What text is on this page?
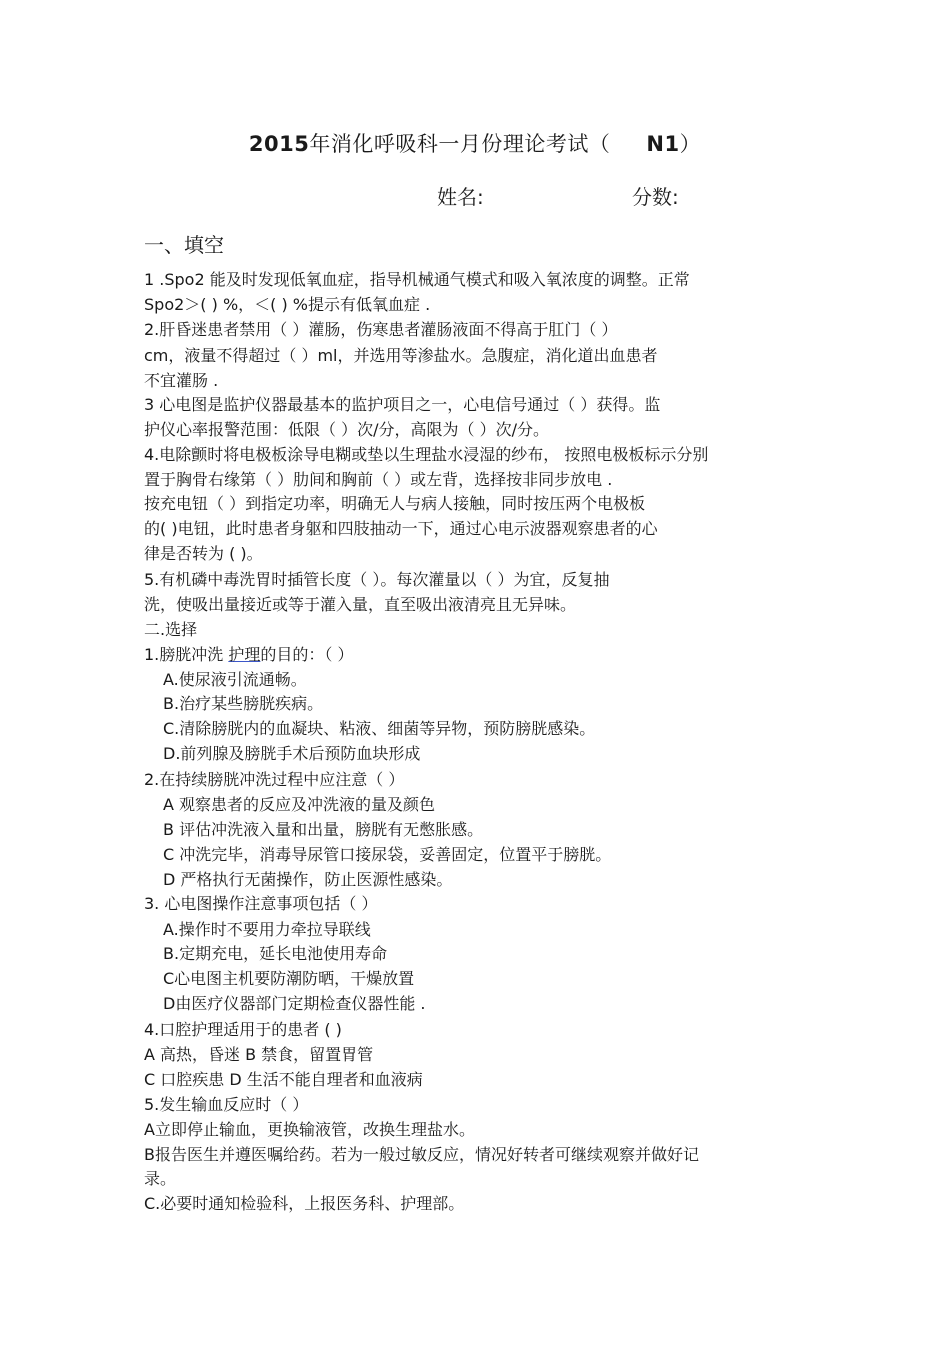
2015年消化呼吸科一月份理论考试（ N1）
姓名:	分数:
一、填空
1 .Spo2 能及时发现低氧血症，指导机械通气模式和吸入氧浓度的调整。正常
Spo2＞( ) %，＜( ) %提示有低氧血症 .
2.肝昏迷患者禁用（ ）灌肠，伤寒患者灌肠液面不得高于肛门（ ）
cm，液量不得超过（ ）ml，并选用等渗盐水。急腹症，消化道出血患者
不宜灌肠 .
3 心电图是监护仪器最基本的监护项目之一，心电信号通过（ ）获得。监
护仪心率报警范围：低限（ ）次/分，高限为（ ）次/分。
4.电除颤时将电极板涂导电糊或垫以生理盐水浸湿的纱布， 按照电极板标示分别
置于胸骨右缘第（ ）肋间和胸前（ ）或左背，选择按非同步放电 .
按充电钮（ ）到指定功率，明确无人与病人接触，同时按压两个电极板
的( )电钮，此时患者身躯和四肢抽动一下，通过心电示波器观察患者的心
律是否转为 ( )。
5.有机磷中毒洗胃时插管长度（ ）。每次灌量以（ ）为宜，反复抽
洗，使吸出量接近或等于灌入量，直至吸出液清亮且无异味。
二.选择
1.膀胱冲洗 护理的目的：（ ）
A.使尿液引流通畅。
B.治疗某些膀胱疾病。
C.清除膀胱内的血凝块、粘液、细菌等异物，预防膀胱感染。
D.前列腺及膀胱手术后预防血块形成
2.在持续膀胱冲洗过程中应注意（ ）
A 观察患者的反应及冲洗液的量及颜色
B 评估冲洗液入量和出量，膀胱有无憋胀感。
C 冲洗完毕，消毒导尿管口接尿袋，妥善固定，位置平于膀胱。
D 严格执行无菌操作，防止医源性感染。
3. 心电图操作注意事项包括（ ）
A.操作时不要用力牵拉导联线
B.定期充电，延长电池使用寿命
C心电图主机要防潮防晒，干燥放置
D由医疗仪器部门定期检查仪器性能 .
4.口腔护理适用于的患者 ( )
A 高热，昏迷 B 禁食，留置胃管
C 口腔疾患 D 生活不能自理者和血液病
5.发生输血反应时（ ）
A立即停止输血，更换输液管，改换生理盐水。
B报告医生并遵医嘱给药。若为一般过敏反应，情况好转者可继续观察并做好记
录。
C.必要时通知检验科，上报医务科、护理部。
